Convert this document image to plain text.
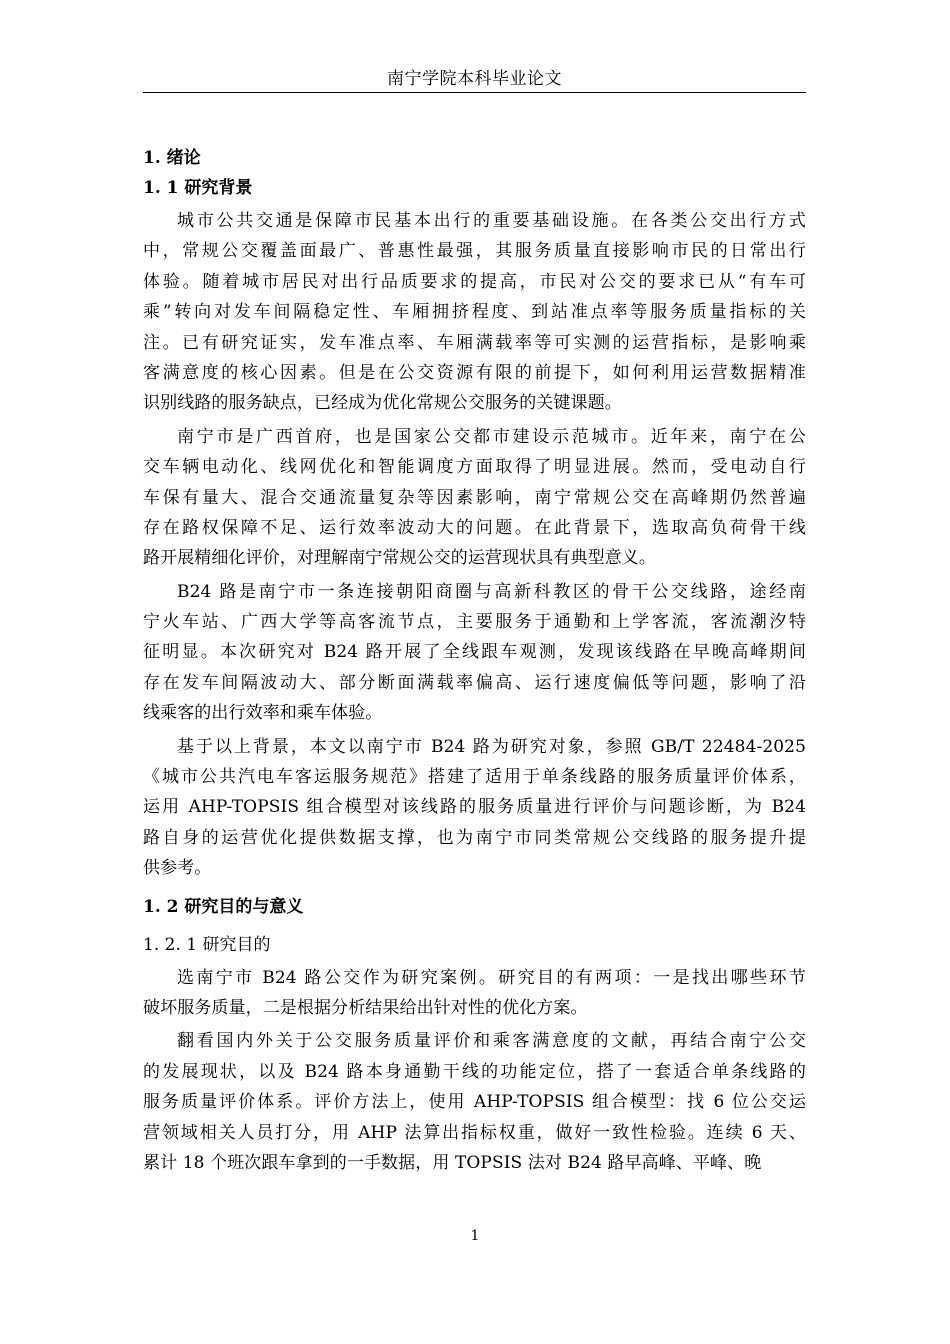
南宁学院本科毕业论文
1. 绪论
1. 1 研究背景
城市公共交通是保障市民基本出行的重要基础设施。在各类公交出行方式
中，常规公交覆盖面最广、普惠性最强，其服务质量直接影响市民的日常出行
体验。随着城市居民对出行品质要求的提高，市民对公交的要求已从“有车可
乘”转向对发车间隔稳定性、车厢拥挤程度、到站准点率等服务质量指标的关
注。已有研究证实，发车准点率、车厢满载率等可实测的运营指标，是影响乘
客满意度的核心因素。但是在公交资源有限的前提下，如何利用运营数据精准
识别线路的服务缺点，已经成为优化常规公交服务的关键课题。
南宁市是广西首府，也是国家公交都市建设示范城市。近年来，南宁在公
交车辆电动化、线网优化和智能调度方面取得了明显进展。然而，受电动自行
车保有量大、混合交通流量复杂等因素影响，南宁常规公交在高峰期仍然普遍
存在路权保障不足、运行效率波动大的问题。在此背景下，选取高负荷骨干线
路开展精细化评价，对理解南宁常规公交的运营现状具有典型意义。
B24 路是南宁市一条连接朝阳商圈与高新科教区的骨干公交线路，途经南
宁火车站、广西大学等高客流节点，主要服务于通勤和上学客流，客流潮汐特
征明显。本次研究对 B24 路开展了全线跟车观测，发现该线路在早晚高峰期间
存在发车间隔波动大、部分断面满载率偏高、运行速度偏低等问题，影响了沿
线乘客的出行效率和乘车体验。
基于以上背景，本文以南宁市 B24 路为研究对象，参照 GB/T 22484-2025
《城市公共汽电车客运服务规范》搭建了适用于单条线路的服务质量评价体系，
运用 AHP-TOPSIS 组合模型对该线路的服务质量进行评价与问题诊断，为 B24
路自身的运营优化提供数据支撑，也为南宁市同类常规公交线路的服务提升提
供参考。
1. 2 研究目的与意义
1. 2. 1 研究目的
选南宁市 B24 路公交作为研究案例。研究目的有两项：一是找出哪些环节
破坏服务质量，二是根据分析结果给出针对性的优化方案。
翻看国内外关于公交服务质量评价和乘客满意度的文献，再结合南宁公交
的发展现状，以及 B24 路本身通勤干线的功能定位，搭了一套适合单条线路的
服务质量评价体系。评价方法上，使用 AHP-TOPSIS 组合模型：找 6 位公交运
营领域相关人员打分，用 AHP 法算出指标权重，做好一致性检验。连续 6 天、
累计 18 个班次跟车拿到的一手数据，用 TOPSIS 法对 B24 路早高峰、平峰、晚
1
